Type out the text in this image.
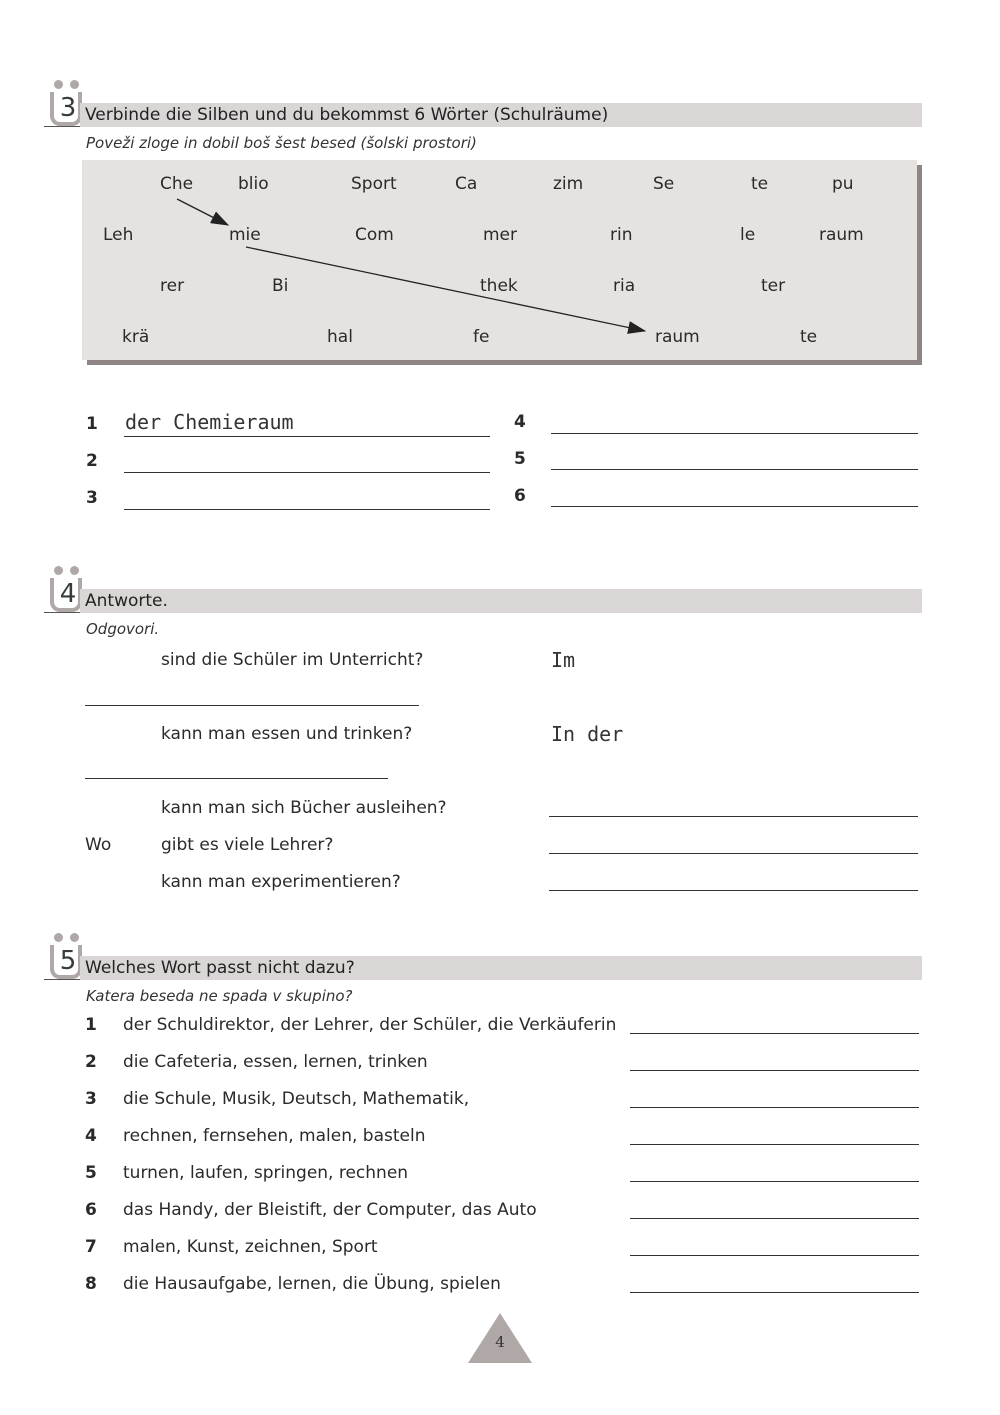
3 Verbinde die Silben und du bekommst 6 Wörter (Schulräume)
Poveži zloge in dobil boš šest besed (šolski prostori)
Che	blio	Sport	Ca	zim	Se	te	pu
Leh	mie	Com	mer	rin	le	raum
rer	Bi	thek	ria	ter
krä	hal	fe	raum	te
1 der Chemieraum
2
3
4
5
6
4 Antworte.
Odgovori.
sind die Schüler im Unterricht?	Im
kann man essen und trinken?	In der
kann man sich Bücher ausleihen?
Wo	gibt es viele Lehrer?
kann man experimentieren?
5 Welches Wort passt nicht dazu?
Katera beseda ne spada v skupino?
1 der Schuldirektor, der Lehrer, der Schüler, die Verkäuferin
2 die Cafeteria, essen, lernen, trinken
3 die Schule, Musik, Deutsch, Mathematik,
4 rechnen, fernsehen, malen, basteln
5 turnen, laufen, springen, rechnen
6 das Handy, der Bleistift, der Computer, das Auto
7 malen, Kunst, zeichnen, Sport
8 die Hausaufgabe, lernen, die Übung, spielen
4
